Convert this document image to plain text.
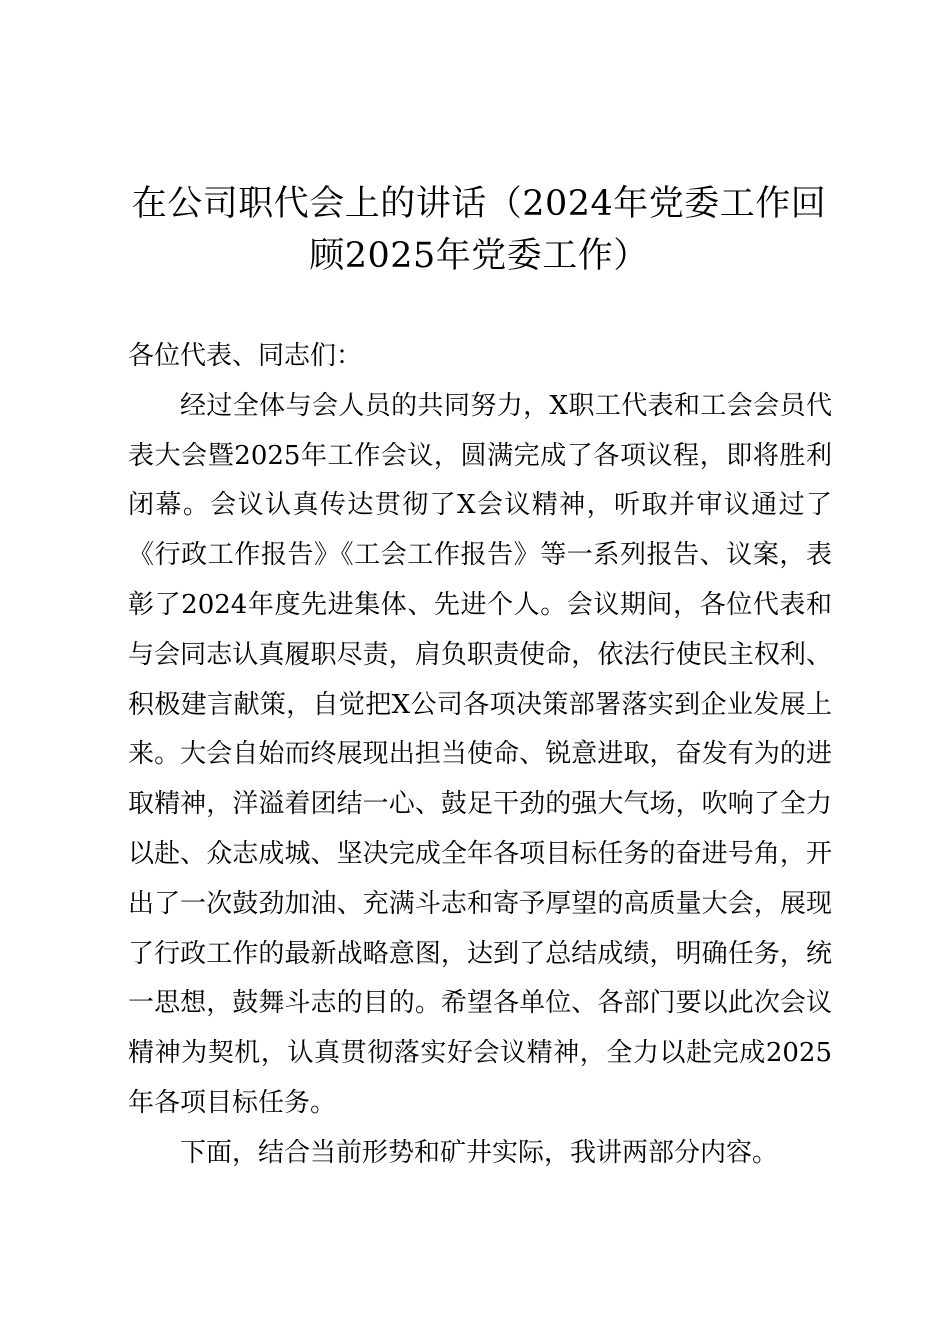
在公司职代会上的讲话（2024年党委工作回顾2025年党委工作）

各位代表、同志们：

经过全体与会人员的共同努力，X职工代表和工会会员代表大会暨2025年工作会议，圆满完成了各项议程，即将胜利闭幕。会议认真传达贯彻了X会议精神，听取并审议通过了《行政工作报告》《工会工作报告》等一系列报告、议案，表彰了2024年度先进集体、先进个人。会议期间，各位代表和与会同志认真履职尽责，肩负职责使命，依法行使民主权利、积极建言献策，自觉把X公司各项决策部署落实到企业发展上来。大会自始而终展现出担当使命、锐意进取，奋发有为的进取精神，洋溢着团结一心、鼓足干劲的强大气场，吹响了全力以赴、众志成城、坚决完成全年各项目标任务的奋进号角，开出了一次鼓劲加油、充满斗志和寄予厚望的高质量大会，展现了行政工作的最新战略意图，达到了总结成绩，明确任务，统一思想，鼓舞斗志的目的。希望各单位、各部门要以此次会议精神为契机，认真贯彻落实好会议精神，全力以赴完成2025年各项目标任务。

下面，结合当前形势和矿井实际，我讲两部分内容。
